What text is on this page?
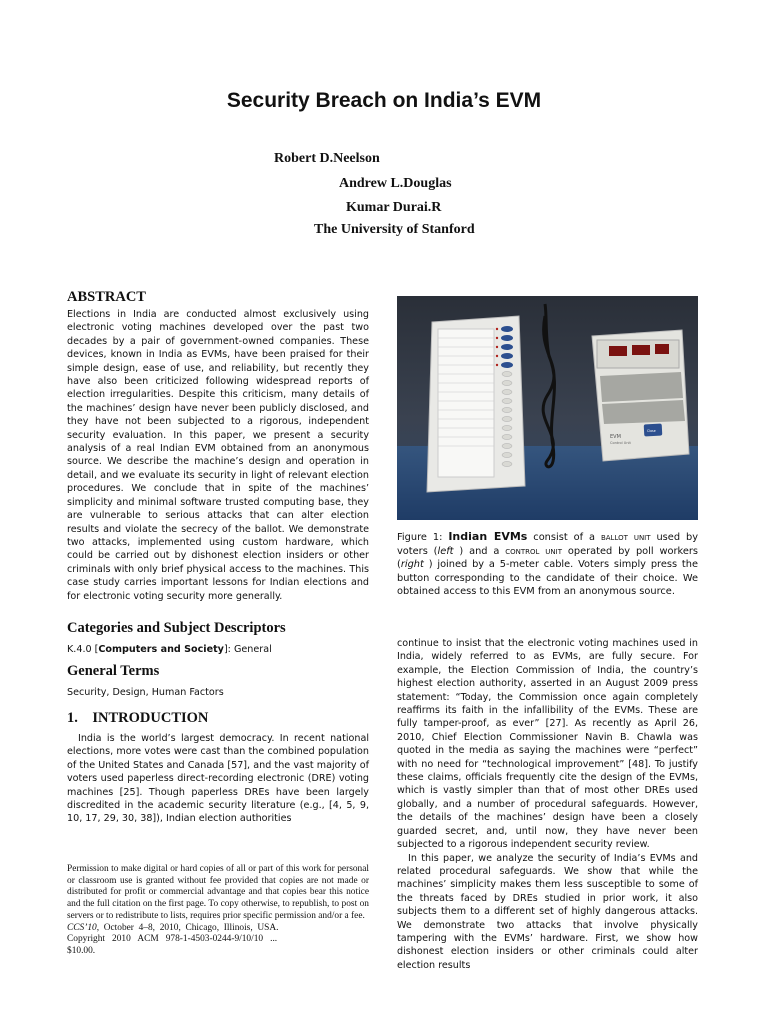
Security Breach on India’s EVM
Robert D.Neelson
Andrew L.Douglas
Kumar Durai.R
The University of Stanford
ABSTRACT

Elections in India are conducted almost exclusively using electronic voting machines developed over the past two decades by a pair of government-owned companies. These devices, known in India as EVMs, have been praised for their simple design, ease of use, and reliability, but recently they have also been criticized following widespread reports of election irregularities. Despite this criticism, many details of the machines’ design have never been publicly disclosed, and they have not been subjected to a rigorous, independent security evaluation. In this paper, we present a security analysis of a real Indian EVM obtained from an anonymous source. We describe the machine’s design and operation in detail, and we evaluate its security in light of relevant election procedures. We conclude that in spite of the machines’ simplicity and minimal software trusted computing base, they are vulnerable to serious attacks that can alter election results and violate the secrecy of the ballot. We demonstrate two attacks, implemented using custom hardware, which could be carried out by dishonest election insiders or other criminals with only brief physical access to the machines. This case study carries important lessons for Indian elections and for electronic voting security more generally.

EVM
Control Unit
Close

Figure 1: Indian EVMs consist of a ballot unit used by voters (left ) and a control unit operated by poll workers (right ) joined by a 5-meter cable. Voters simply press the button corresponding to the candidate of their choice. We obtained access to this EVM from an anonymous source.

Categories and Subject Descriptors

K.4.0 [Computers and Society]: General

General Terms

Security, Design, Human Factors

1.    INTRODUCTION

India is the world’s largest democracy. In recent national elections, more votes were cast than the combined population of the United States and Canada [57], and the vast majority of voters used paperless direct-recording electronic (DRE) voting machines [25]. Though paperless DREs have been largely discredited in the academic security literature (e.g., [4, 5, 9, 10, 17, 29, 30, 38]), Indian election authorities

continue to insist that the electronic voting machines used in India, widely referred to as EVMs, are fully secure. For example, the Election Commission of India, the country’s highest election authority, asserted in an August 2009 press statement: “Today, the Commission once again completely reaffirms its faith in the infallibility of the EVMs. These are fully tamper-proof, as ever” [27]. As recently as April 26, 2010, Chief Election Commissioner Navin B. Chawla was quoted in the media as saying the machines were “perfect” with no need for “technological improvement” [48]. To justify these claims, officials frequently cite the design of the EVMs, which is vastly simpler than that of most other DREs used globally, and a number of procedural safeguards. However, the details of the machines’ design have been a closely guarded secret, and, until now, they have never been subjected to a rigorous independent security review.

In this paper, we analyze the security of India’s EVMs and related procedural safeguards. We show that while the machines’ simplicity makes them less susceptible to some of the threats faced by DREs studied in prior work, it also subjects them to a different set of highly dangerous attacks. We demonstrate two attacks that involve physically tampering with the EVMs’ hardware. First, we show how dishonest election insiders or other criminals could alter election results

Permission to make digital or hard copies of all or part of this work for personal or classroom use is granted without fee provided that copies are not made or distributed for profit or commercial advantage and that copies bear this notice and the full citation on the first page. To copy otherwise, to republish, to post on servers or to redistribute to lists, requires prior specific permission and/or a fee.
CCS’10,  October  4–8,  2010,  Chicago,  Illinois,  USA.
Copyright   2010   ACM   978-1-4503-0244-9/10/10   ...
$10.00.
